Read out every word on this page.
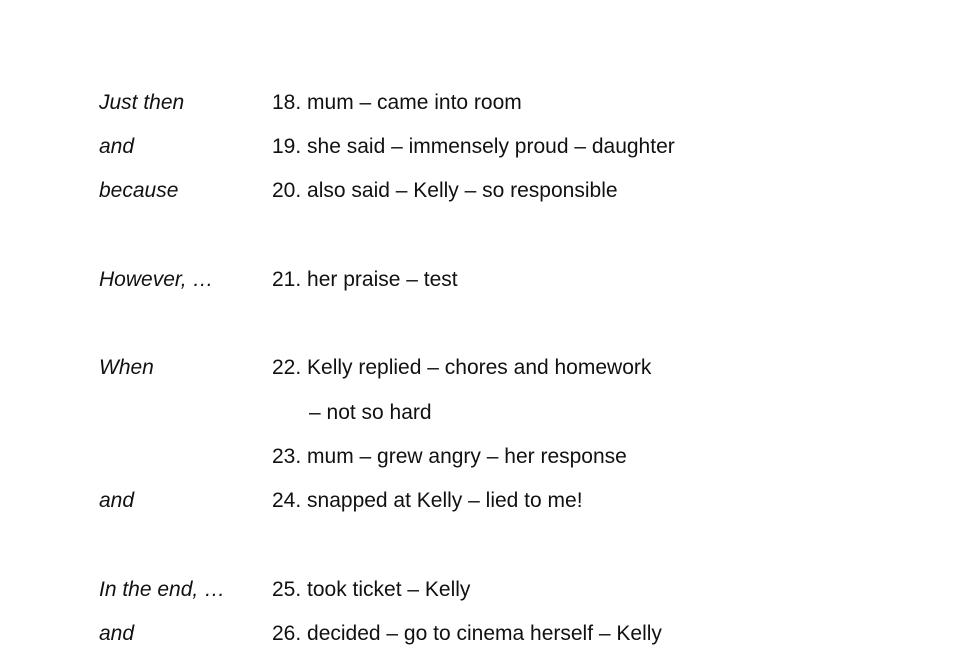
Just then	18. mum – came into room
and	19. she said – immensely proud – daughter
because	20. also said – Kelly – so responsible
However, …	21. her praise – test
When	22. Kelly replied – chores and homework
– not so hard
23. mum – grew angry – her response
and	24. snapped at Kelly – lied to me!
In the end, … 25. took ticket – Kelly
and	26. decided – go to cinema herself – Kelly
